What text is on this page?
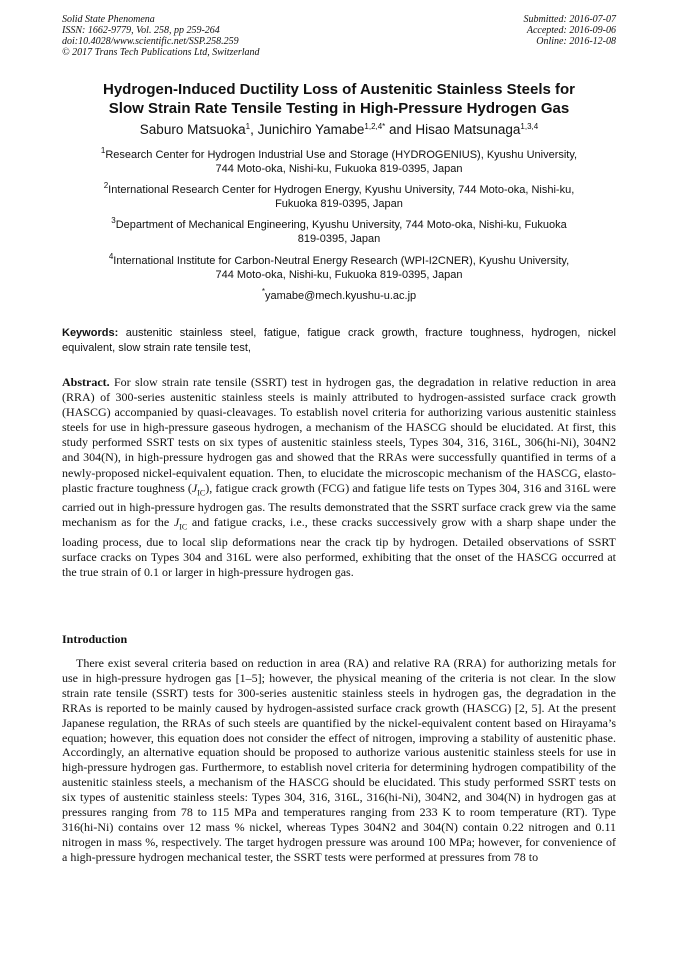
Solid State Phenomena
ISSN: 1662-9779, Vol. 258, pp 259-264
doi:10.4028/www.scientific.net/SSP.258.259
© 2017 Trans Tech Publications Ltd, Switzerland
Submitted: 2016-07-07
Accepted: 2016-09-06
Online: 2016-12-08
Hydrogen-Induced Ductility Loss of Austenitic Stainless Steels for
Slow Strain Rate Tensile Testing in High-Pressure Hydrogen Gas
Saburo Matsuoka$^1$, Junichiro Yamabe$^{1,2,4*}$ and Hisao Matsunaga$^{1,3,4}$
$^1$Research Center for Hydrogen Industrial Use and Storage (HYDROGENIUS), Kyushu University,
744 Moto-oka, Nishi-ku, Fukuoka 819-0395, Japan
$^2$International Research Center for Hydrogen Energy, Kyushu University, 744 Moto-oka, Nishi-ku,
Fukuoka 819-0395, Japan
$^3$Department of Mechanical Engineering, Kyushu University, 744 Moto-oka, Nishi-ku, Fukuoka
819-0395, Japan
$^4$International Institute for Carbon-Neutral Energy Research (WPI-I2CNER), Kyushu University,
744 Moto-oka, Nishi-ku, Fukuoka 819-0395, Japan
*yamabe@mech.kyushu-u.ac.jp
Keywords: austenitic stainless steel, fatigue, fatigue crack growth, fracture toughness, hydrogen, nickel equivalent, slow strain rate tensile test,
Abstract. For slow strain rate tensile (SSRT) test in hydrogen gas, the degradation in relative reduction in area (RRA) of 300-series austenitic stainless steels is mainly attributed to hydrogen-assisted surface crack growth (HASCG) accompanied by quasi-cleavages. To establish novel criteria for authorizing various austenitic stainless steels for use in high-pressure gaseous hydrogen, a mechanism of the HASCG should be elucidated. At first, this study performed SSRT tests on six types of austenitic stainless steels, Types 304, 316, 316L, 306(hi-Ni), 304N2 and 304(N), in high-pressure hydrogen gas and showed that the RRAs were successfully quantified in terms of a newly-proposed nickel-equivalent equation. Then, to elucidate the microscopic mechanism of the HASCG, elasto-plastic fracture toughness $(J_{IC})$, fatigue crack growth (FCG) and fatigue life tests on Types 304, 316 and 316L were carried out in high-pressure hydrogen gas. The results demonstrated that the SSRT surface crack grew via the same mechanism as for the $J_{IC}$ and fatigue cracks, i.e., these cracks successively grow with a sharp shape under the loading process, due to local slip deformations near the crack tip by hydrogen. Detailed observations of SSRT surface cracks on Types 304 and 316L were also performed, exhibiting that the onset of the HASCG occurred at the true strain of 0.1 or larger in high-pressure hydrogen gas.
Introduction
There exist several criteria based on reduction in area (RA) and relative RA (RRA) for authorizing metals for use in high-pressure hydrogen gas [1–5]; however, the physical meaning of the criteria is not clear. In the slow strain rate tensile (SSRT) tests for 300-series austenitic stainless steels in hydrogen gas, the degradation in the RRAs is reported to be mainly caused by hydrogen-assisted surface crack growth (HASCG) [2, 5]. At the present Japanese regulation, the RRAs of such steels are quantified by the nickel-equivalent content based on Hirayama’s equation; however, this equation does not consider the effect of nitrogen, improving a stability of austenitic phase. Accordingly, an alternative equation should be proposed to authorize various austenitic stainless steels for use in high-pressure hydrogen gas. Furthermore, to establish novel criteria for determining hydrogen compatibility of the austenitic stainless steels, a mechanism of the HASCG should be elucidated. This study performed SSRT tests on six types of austenitic stainless steels: Types 304, 316, 316L, 316(hi-Ni), 304N2, and 304(N) in hydrogen gas at pressures ranging from 78 to 115 MPa and temperatures ranging from 233 K to room temperature (RT). Type 316(hi-Ni) contains over 12 mass % nickel, whereas Types 304N2 and 304(N) contain 0.22 nitrogen and 0.11 nitrogen in mass %, respectively. The target hydrogen pressure was around 100 MPa; however, for convenience of a high-pressure hydrogen mechanical tester, the SSRT tests were performed at pressures from 78 to
